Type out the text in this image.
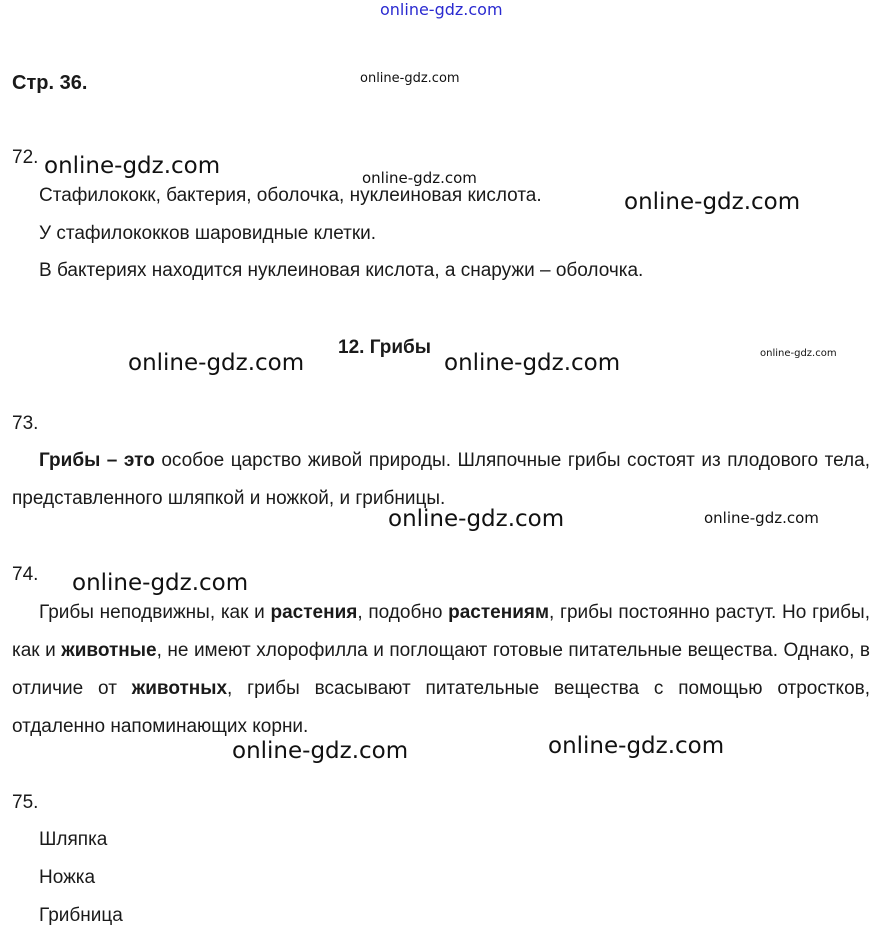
online-gdz.com
online-gdz.com
online-gdz.com	online-gdz.com
online-gdz.com
online-gdz.com	online-gdz.com	online-gdz.com
online-gdz.com	online-gdz.com
online-gdz.com
online-gdz.com	online-gdz.com
Стр. 36.
72.
Стафилококк, бактерия, оболочка, нуклеиновая кислота.
У стафилококков шаровидные клетки.
В бактериях находится нуклеиновая кислота, а снаружи – оболочка.
12. Грибы
73.
Грибы – это особое царство живой природы. Шляпочные грибы состоят из плодового тела, представленного шляпкой и ножкой, и грибницы.
74.
Грибы неподвижны, как и растения, подобно растениям, грибы постоянно растут. Но грибы, как и животные, не имеют хлорофилла и поглощают готовые питательные вещества. Однако, в отличие от животных, грибы всасывают питательные вещества с помощью отростков, отдаленно напоминающих корни.
75.
Шляпка
Ножка
Грибница
